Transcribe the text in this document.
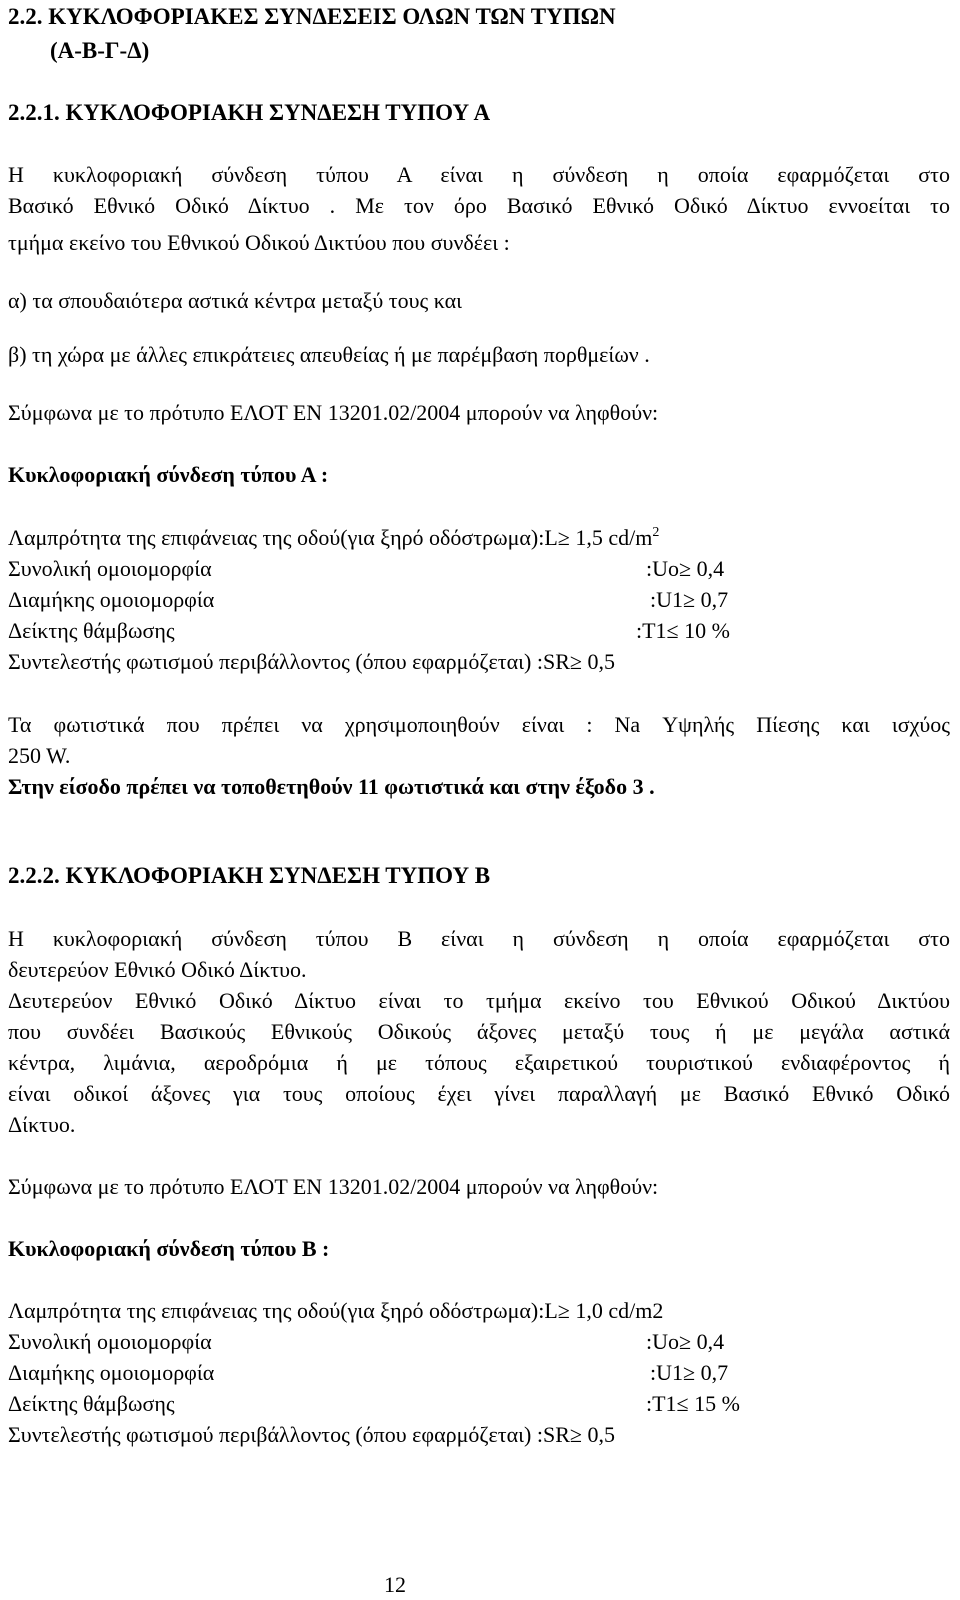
2.2. ΚΥΚΛΟΦΟΡΙΑΚΕΣ ΣΥΝΔΕΣΕΙΣ ΟΛΩΝ ΤΩΝ ΤΥΠΩΝ
(Α-Β-Γ-Δ)
2.2.1. ΚΥΚΛΟΦΟΡΙΑΚΗ ΣΥΝΔΕΣΗ ΤΥΠΟΥ Α
Η κυκλοφοριακή σύνδεση τύπου Α είναι η σύνδεση η οποία εφαρμόζεται στο
Βασικό Εθνικό Οδικό Δίκτυο . Με τον όρο Βασικό Εθνικό Οδικό Δίκτυο εννοείται το
τμήμα εκείνο του Εθνικού Οδικού Δικτύου που συνδέει :
α) τα σπουδαιότερα αστικά κέντρα μεταξύ τους και
β) τη χώρα με άλλες επικράτειες απευθείας ή με παρέμβαση πορθμείων .
Σύμφωνα με το πρότυπο ΕΛΟΤ ΕΝ 13201.02/2004 μπορούν να ληφθούν:
Κυκλοφοριακή σύνδεση τύπου Α :
Λαμπρότητα της επιφάνειας της οδού(για ξηρό οδόστρωμα):L≥ 1,5 $cd/m^2$
Συνολική ομοιομορφία	:Uo≥ 0,4
Διαμήκης ομοιομορφία	:U1≥ 0,7
Δείκτης θάμβωσης	:T1≤ 10 %
Συντελεστής φωτισμού περιβάλλοντος (όπου εφαρμόζεται) :SR≥ 0,5
Τα φωτιστικά που πρέπει να χρησιμοποιηθούν είναι : Na Υψηλής Πίεσης και ισχύος
250 W.
Στην είσοδο πρέπει να τοποθετηθούν 11 φωτιστικά και στην έξοδο 3 .
2.2.2. ΚΥΚΛΟΦΟΡΙΑΚΗ ΣΥΝΔΕΣΗ ΤΥΠΟΥ Β
Η κυκλοφοριακή σύνδεση τύπου Β είναι η σύνδεση η οποία εφαρμόζεται στο
δευτερεύον Εθνικό Οδικό Δίκτυο.
Δευτερεύον Εθνικό Οδικό Δίκτυο είναι το τμήμα εκείνο του Εθνικού Οδικού Δικτύου
που συνδέει Βασικούς Εθνικούς Οδικούς άξονες μεταξύ τους ή με μεγάλα αστικά
κέντρα, λιμάνια, αεροδρόμια ή με τόπους εξαιρετικού τουριστικού ενδιαφέροντος ή
είναι οδικοί άξονες για τους οποίους έχει γίνει παραλλαγή με Βασικό Εθνικό Οδικό
Δίκτυο.
Σύμφωνα με το πρότυπο ΕΛΟΤ ΕΝ 13201.02/2004 μπορούν να ληφθούν:
Κυκλοφοριακή σύνδεση τύπου Β :
Λαμπρότητα της επιφάνειας της οδού(για ξηρό οδόστρωμα):L≥ 1,0 cd/m2
Συνολική ομοιομορφία	:Uo≥ 0,4
Διαμήκης ομοιομορφία	:U1≥ 0,7
Δείκτης θάμβωσης	:T1≤ 15 %
Συντελεστής φωτισμού περιβάλλοντος (όπου εφαρμόζεται) :SR≥ 0,5
12
